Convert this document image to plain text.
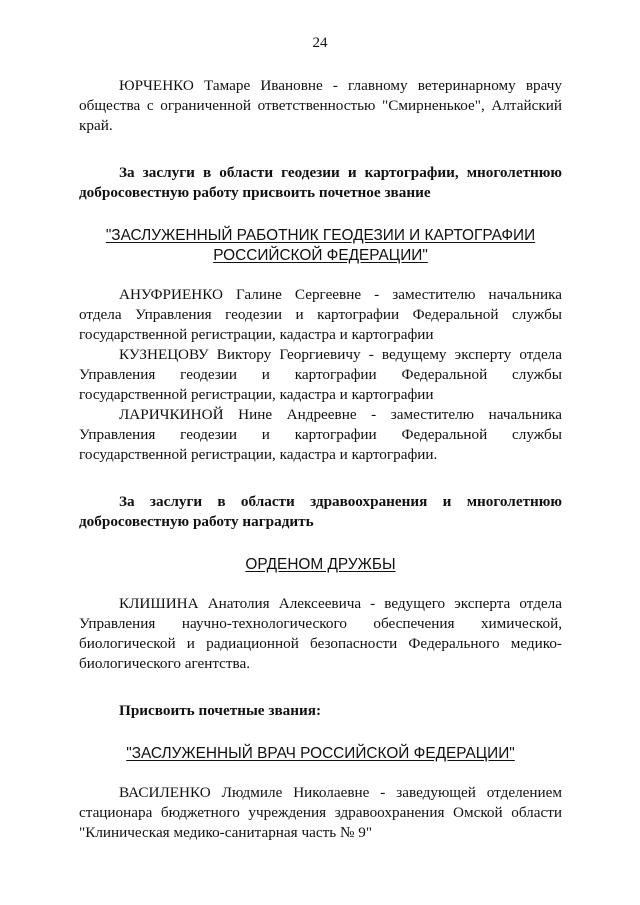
24

ЮРЧЕНКО Тамаре Ивановне - главному ветеринарному врачу общества с ограниченной ответственностью "Смирненькое", Алтайский край.

За заслуги в области геодезии и картографии, многолетнюю добросовестную работу присвоить почетное звание

"ЗАСЛУЖЕННЫЙ РАБОТНИК ГЕОДЕЗИИ И КАРТОГРАФИИ РОССИЙСКОЙ ФЕДЕРАЦИИ"

АНУФРИЕНКО Галине Сергеевне - заместителю начальника отдела Управления геодезии и картографии Федеральной службы государственной регистрации, кадастра и картографии

КУЗНЕЦОВУ Виктору Георгиевичу - ведущему эксперту отдела Управления геодезии и картографии Федеральной службы государственной регистрации, кадастра и картографии

ЛАРИЧКИНОЙ Нине Андреевне - заместителю начальника Управления геодезии и картографии Федеральной службы государственной регистрации, кадастра и картографии.

За заслуги в области здравоохранения и многолетнюю добросовестную работу наградить

ОРДЕНОМ ДРУЖБЫ

КЛИШИНА Анатолия Алексеевича - ведущего эксперта отдела Управления научно-технологического обеспечения химической, биологической и радиационной безопасности Федерального медико-биологического агентства.

Присвоить почетные звания:

"ЗАСЛУЖЕННЫЙ ВРАЧ РОССИЙСКОЙ ФЕДЕРАЦИИ"

ВАСИЛЕНКО Людмиле Николаевне - заведующей отделением стационара бюджетного учреждения здравоохранения Омской области "Клиническая медико-санитарная часть № 9"
